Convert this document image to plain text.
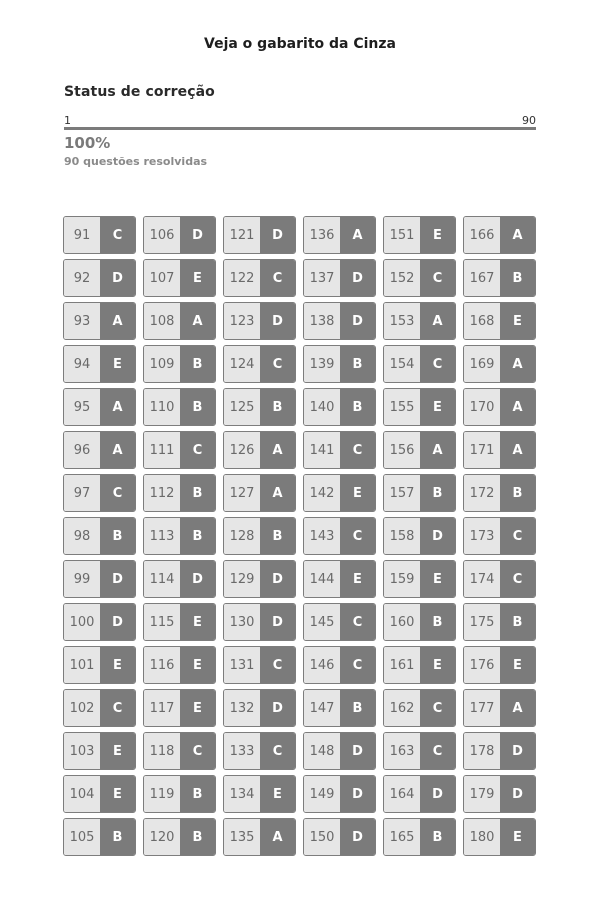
Veja o gabarito da Cinza
Status de correção
1	90
100%
90 questões resolvidas
91	C	106	D	121	D	136	A	151	E	166	A
92	D	107	E	122	C	137	D	152	C	167	B
93	A	108	A	123	D	138	D	153	A	168	E
94	E	109	B	124	C	139	B	154	C	169	A
95	A	110	B	125	B	140	B	155	E	170	A
96	A	111	C	126	A	141	C	156	A	171	A
97	C	112	B	127	A	142	E	157	B	172	B
98	B	113	B	128	B	143	C	158	D	173	C
99	D	114	D	129	D	144	E	159	E	174	C
100	D	115	E	130	D	145	C	160	B	175	B
101	E	116	E	131	C	146	C	161	E	176	E
102	C	117	E	132	D	147	B	162	C	177	A
103	E	118	C	133	C	148	D	163	C	178	D
104	E	119	B	134	E	149	D	164	D	179	D
105	B	120	B	135	A	150	D	165	B	180	E
